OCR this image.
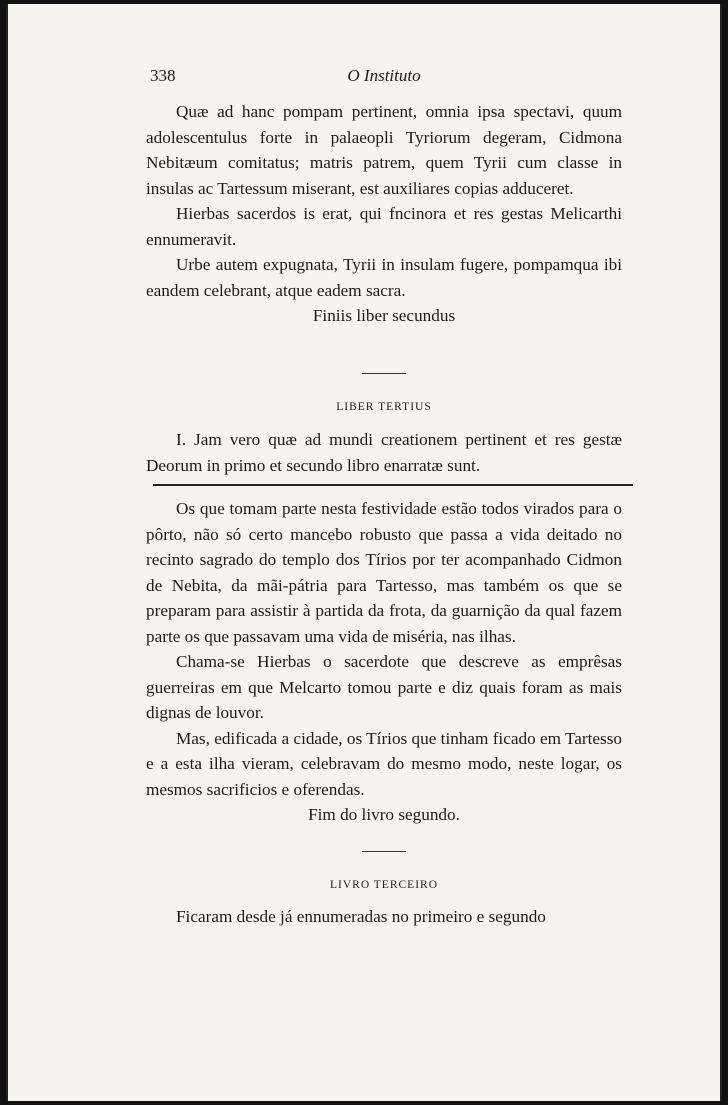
338	O Instituto

Quæ ad hanc pompam pertinent, omnia ipsa spectavi, quum adolescentulus forte in palaeopli Tyriorum degeram, Cidmona Nebitæum comitatus; matris patrem, quem Tyrii cum classe in insulas ac Tartessum miserant, est auxiliares copias adduceret.

Hierbas sacerdos is erat, qui fncinora et res gestas Melicarthi ennumeravit.

Urbe autem expugnata, Tyrii in insulam fugere, pompamqua ibi eandem celebrant, atque eadem sacra.

Finiis liber secundus

LIBER TERTIUS

I. Jam vero quæ ad mundi creationem pertinent et res gestæ Deorum in primo et secundo libro enarratæ sunt.

Os que tomam parte nesta festividade estão todos virados para o pôrto, não só certo mancebo robusto que passa a vida deitado no recinto sagrado do templo dos Tírios por ter acompanhado Cidmon de Nebita, da mãi-pátria para Tartesso, mas também os que se preparam para assistir à partida da frota, da guarnição da qual fazem parte os que passavam uma vida de miséria, nas ilhas.

Chama-se Hierbas o sacerdote que descreve as emprêsas guerreiras em que Melcarto tomou parte e diz quais foram as mais dignas de louvor.

Mas, edificada a cidade, os Tírios que tinham ficado em Tartesso e a esta ilha vieram, celebravam do mesmo modo, neste logar, os mesmos sacrificios e oferendas.

Fim do livro segundo.

LIVRO TERCEIRO

Ficaram desde já ennumeradas no primeiro e segundo
